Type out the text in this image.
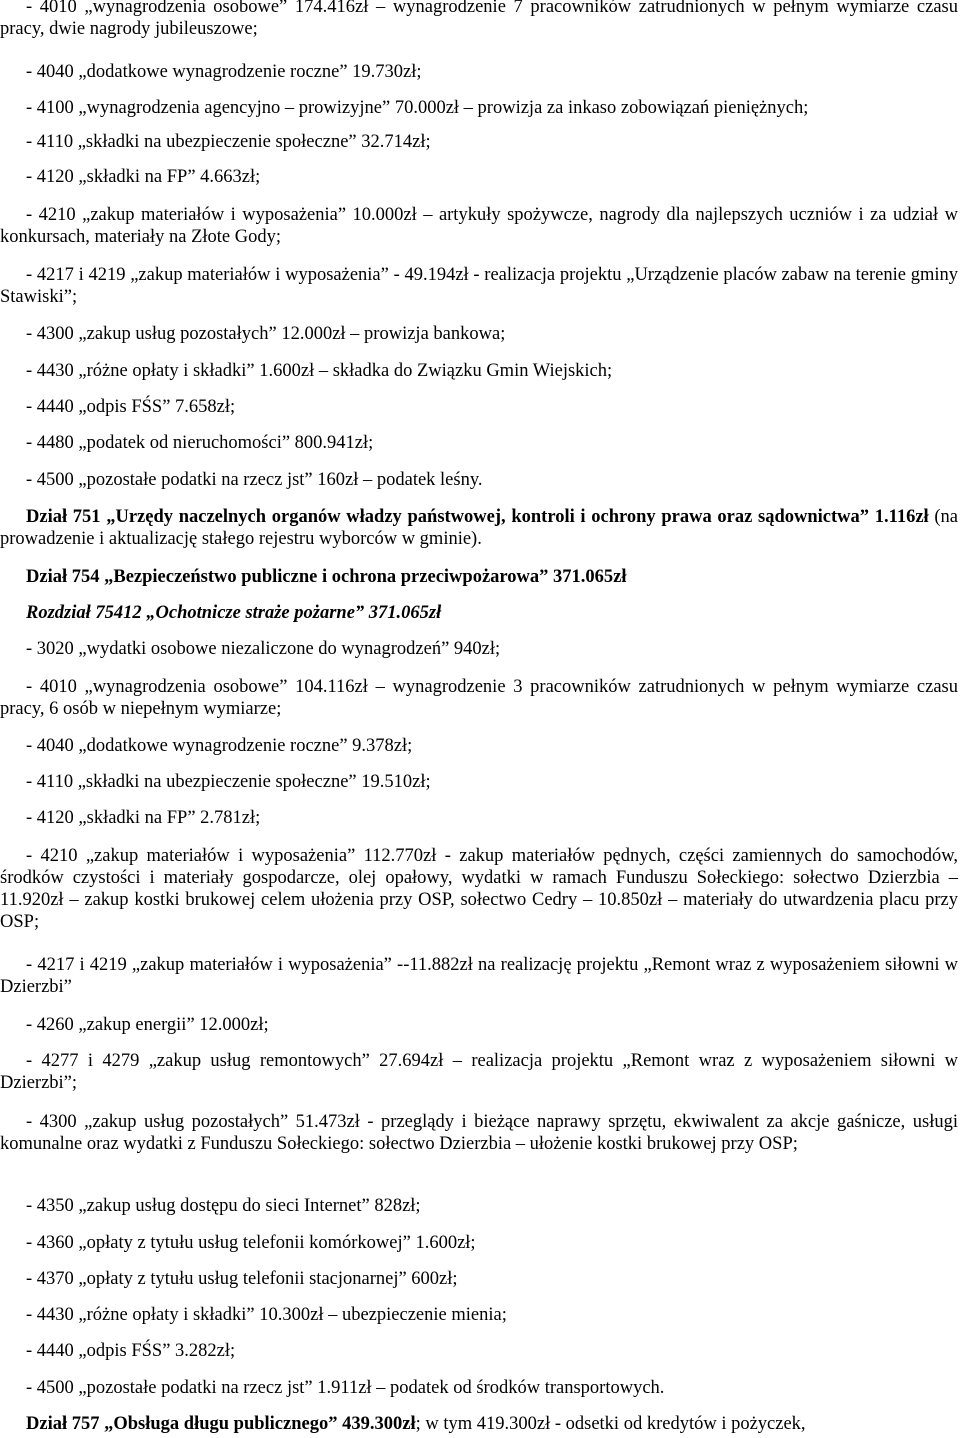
- 4010 „wynagrodzenia osobowe” 174.416zł – wynagrodzenie 7 pracowników zatrudnionych w pełnym wymiarze czasu pracy, dwie nagrody jubileuszowe;
- 4040 „dodatkowe wynagrodzenie roczne” 19.730zł;
- 4100 „wynagrodzenia agencyjno – prowizyjne” 70.000zł – prowizja za inkaso zobowiązań pieniężnych;
- 4110 „składki na ubezpieczenie społeczne” 32.714zł;
- 4120 „składki na FP” 4.663zł;
- 4210 „zakup materiałów i wyposażenia” 10.000zł – artykuły spożywcze, nagrody dla najlepszych uczniów i za udział w konkursach, materiały na Złote Gody;
- 4217 i 4219 „zakup materiałów i wyposażenia” - 49.194zł - realizacja projektu „Urządzenie placów zabaw na terenie gminy Stawiski”;
- 4300 „zakup usług pozostałych” 12.000zł – prowizja bankowa;
- 4430 „różne opłaty i składki” 1.600zł – składka do Związku Gmin Wiejskich;
- 4440 „odpis FŚS” 7.658zł;
- 4480 „podatek od nieruchomości” 800.941zł;
- 4500 „pozostałe podatki na rzecz jst” 160zł – podatek leśny.
Dział 751 „Urzędy naczelnych organów władzy państwowej, kontroli i ochrony prawa oraz sądownictwa” 1.116zł (na prowadzenie i aktualizację stałego rejestru wyborców w gminie).
Dział 754 „Bezpieczeństwo publiczne i ochrona przeciwpożarowa” 371.065zł
Rozdział 75412 „Ochotnicze straże pożarne” 371.065zł
- 3020 „wydatki osobowe niezaliczone do wynagrodzeń” 940zł;
- 4010 „wynagrodzenia osobowe” 104.116zł – wynagrodzenie 3 pracowników zatrudnionych w pełnym wymiarze czasu pracy, 6 osób w niepełnym wymiarze;
- 4040 „dodatkowe wynagrodzenie roczne” 9.378zł;
- 4110 „składki na ubezpieczenie społeczne” 19.510zł;
- 4120 „składki na FP” 2.781zł;
- 4210 „zakup materiałów i wyposażenia” 112.770zł - zakup materiałów pędnych, części zamiennych do samochodów, środków czystości i materiały gospodarcze, olej opałowy, wydatki w ramach Funduszu Sołeckiego: sołectwo Dzierzbia – 11.920zł – zakup kostki brukowej celem ułożenia przy OSP, sołectwo Cedry – 10.850zł – materiały do utwardzenia placu przy OSP;
- 4217 i 4219 „zakup materiałów i wyposażenia” --11.882zł na realizację projektu „Remont wraz z wyposażeniem siłowni w Dzierzbi”
- 4260 „zakup energii” 12.000zł;
- 4277 i 4279 „zakup usług remontowych” 27.694zł – realizacja projektu „Remont wraz z wyposażeniem siłowni w Dzierzbi”;
- 4300 „zakup usług pozostałych” 51.473zł - przeglądy i bieżące naprawy sprzętu, ekwiwalent za akcje gaśnicze, usługi komunalne oraz wydatki z Funduszu Sołeckiego: sołectwo Dzierzbia – ułożenie kostki brukowej przy OSP;
- 4350 „zakup usług dostępu do sieci Internet” 828zł;
- 4360 „opłaty z tytułu usług telefonii komórkowej” 1.600zł;
- 4370 „opłaty z tytułu usług telefonii stacjonarnej” 600zł;
- 4430 „różne opłaty i składki” 10.300zł – ubezpieczenie mienia;
- 4440 „odpis FŚS” 3.282zł;
- 4500 „pozostałe podatki na rzecz jst” 1.911zł – podatek od środków transportowych.
Dział 757 „Obsługa długu publicznego” 439.300zł; w tym 419.300zł - odsetki od kredytów i pożyczek,
